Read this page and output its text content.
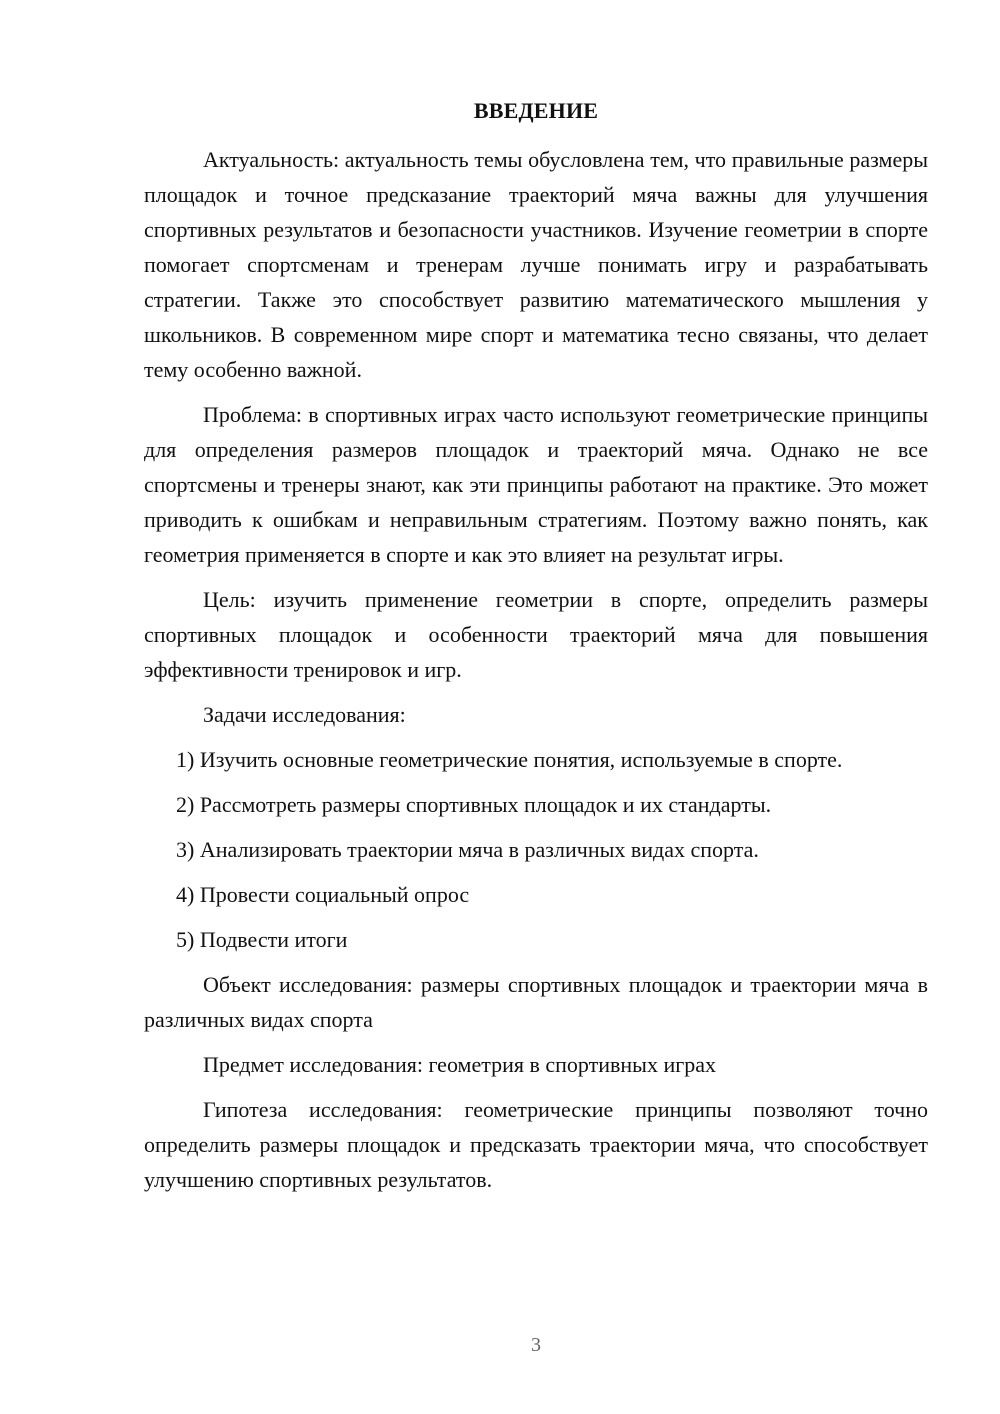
ВВЕДЕНИЕ

Актуальность: актуальность темы обусловлена тем, что правильные размеры площадок и точное предсказание траекторий мяча важны для улучшения спортивных результатов и безопасности участников. Изучение геометрии в спорте помогает спортсменам и тренерам лучше понимать игру и разрабатывать стратегии. Также это способствует развитию математического мышления у школьников. В современном мире спорт и математика тесно связаны, что делает тему особенно важной.

Проблема: в спортивных играх часто используют геометрические принципы для определения размеров площадок и траекторий мяча. Однако не все спортсмены и тренеры знают, как эти принципы работают на практике. Это может приводить к ошибкам и неправильным стратегиям. Поэтому важно понять, как геометрия применяется в спорте и как это влияет на результат игры.

Цель: изучить применение геометрии в спорте, определить размеры спортивных площадок и особенности траекторий мяча для повышения эффективности тренировок и игр.

Задачи исследования:

1) Изучить основные геометрические понятия, используемые в спорте.

2) Рассмотреть размеры спортивных площадок и их стандарты.

3) Анализировать траектории мяча в различных видах спорта.

4) Провести социальный опрос

5) Подвести итоги

Объект исследования: размеры спортивных площадок и траектории мяча в различных видах спорта

Предмет исследования: геометрия в спортивных играх

Гипотеза исследования: геометрические принципы позволяют точно определить размеры площадок и предсказать траектории мяча, что способствует улучшению спортивных результатов.

3
